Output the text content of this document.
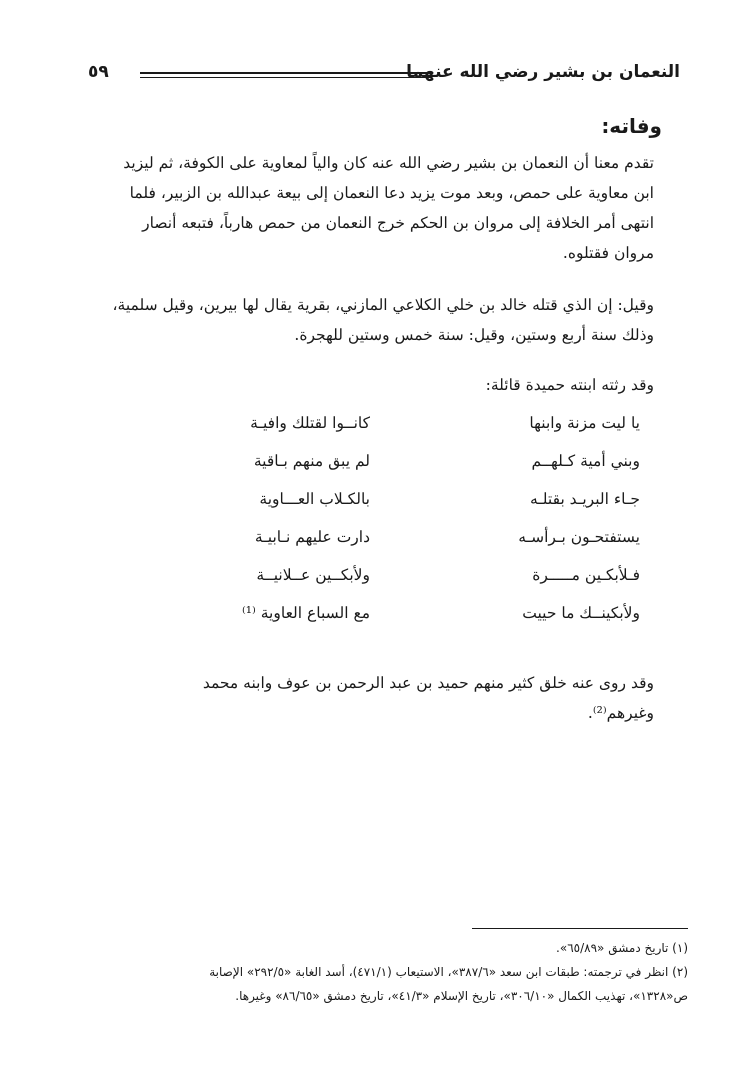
النعمان بن بشير رضي الله عنهما
٥٩
وفاته:
تقدم معنا أن النعمان بن بشير رضي الله عنه كان والياً لمعاوية على الكوفة، ثم ليزيد
ابن معاوية على حمص، وبعد موت يزيد دعا النعمان إلى بيعة عبدالله بن الزبير، فلما
انتهى أمر الخلافة إلى مروان بن الحكم خرج النعمان من حمص هارباً، فتبعه أنصار
مروان فقتلوه.
وقيل: إن الذي قتله خالد بن خلي الكلاعي المازني، بقرية يقال لها بيرين، وقيل سلمية،
وذلك سنة أربع وستين، وقيل: سنة خمس وستين للهجرة.
وقد رثته ابنته حميدة قائلة:
يا ليت مزنة وابنها
كانــوا لقتلك وافيـة
وبني أمية كـلهــم
لم يبق منهم بـاقية
جـاء البريـد بقتلـه
بالكـلاب العـــاوية
يستفتحـون بـرأسـه
دارت عليهم نـابيـة
فـلأبكـين مـــــرة
ولأبكــين عــلانيــة
ولأبكينــك ما حييت
مع السباع العاوية ⁽¹⁾
وقد روى عنه خلق كثير منهم حميد بن عبد الرحمن بن عوف وابنه محمد
وغيرهم⁽²⁾.
(١) تاريخ دمشق «٦٥/٨٩».
(٢) انظر في ترجمته: طبقات ابن سعد «٣٨٧/٦»، الاستيعاب (٤٧١/١)، أسد الغابة «٢٩٢/٥» الإصابة
ص«١٣٢٨»، تهذيب الكمال «٣٠٦/١٠»، تاريخ الإسلام «٤١/٣»، تاريخ دمشق «٨٦/٦٥» وغيرها.
